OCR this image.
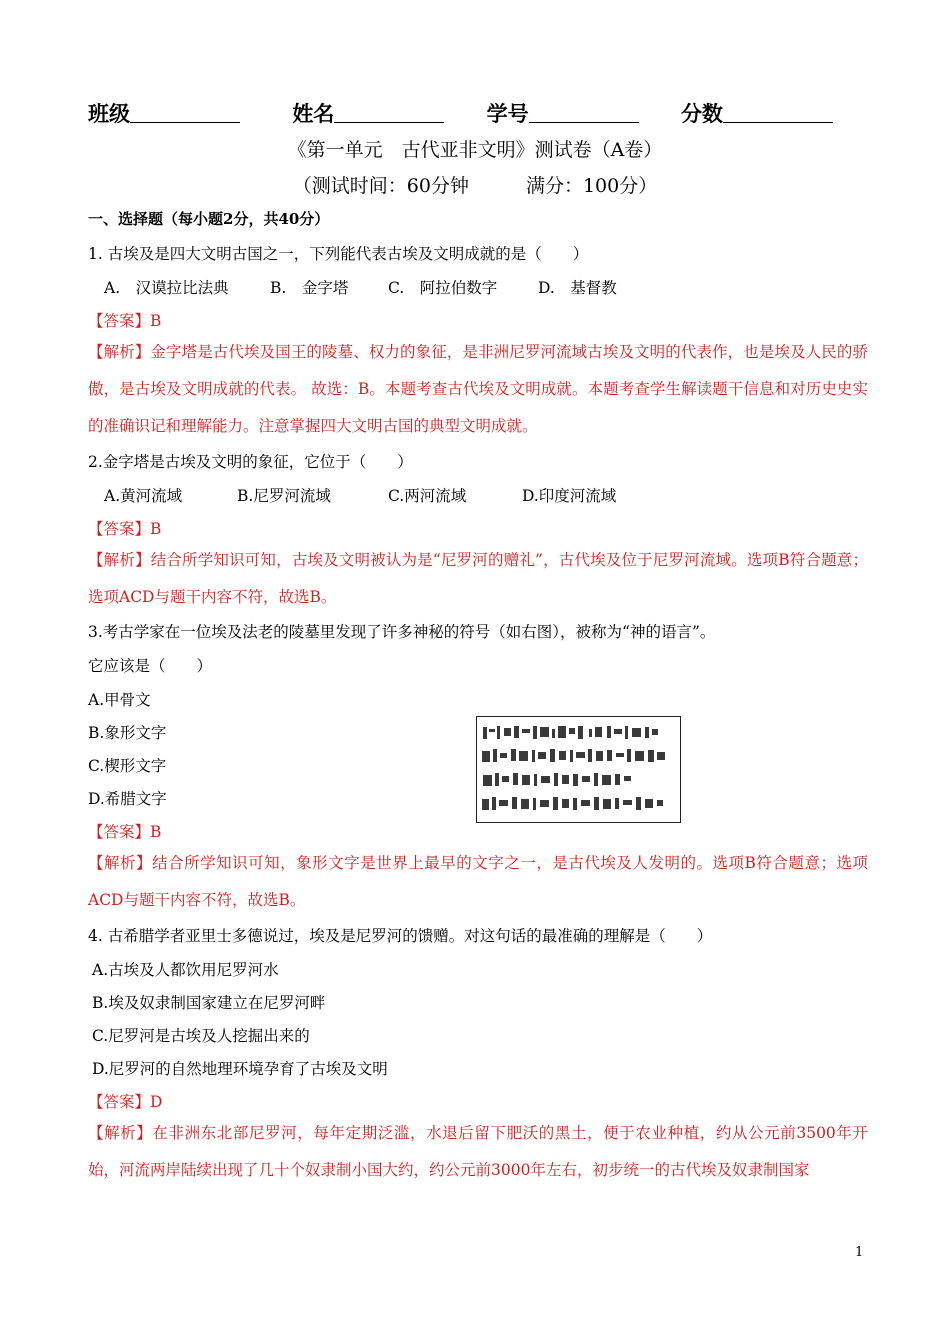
班级	姓名	学号	分数
《第一单元　古代亚非文明》测试卷（A卷）
（测试时间：60分钟　　　满分：100分）
一、选择题（每小题2分，共40分）
1. 古埃及是四大文明古国之一，下列能代表古埃及文明成就的是（　　）
A.　汉谟拉比法典	B.　金字塔	C.　阿拉伯数字	D.　基督教
【答案】B
【解析】金字塔是古代埃及国王的陵墓、权力的象征，是非洲尼罗河流域古埃及文明的代表作，也是埃及人民的骄傲，是古埃及文明成就的代表。 故选：B。本题考查古代埃及文明成就。本题考查学生解读题干信息和对历史史实的准确识记和理解能力。注意掌握四大文明古国的典型文明成就。
2.金字塔是古埃及文明的象征，它位于（　　）
A.黄河流域	B.尼罗河流域	C.两河流域	D.印度河流域
【答案】B
【解析】结合所学知识可知，古埃及文明被认为是“尼罗河的赠礼”，古代埃及位于尼罗河流域。选项B符合题意；选项ACD与题干内容不符，故选B。
3.考古学家在一位埃及法老的陵墓里发现了许多神秘的符号（如右图），被称为“神的语言”。
它应该是（　　）
A.甲骨文
B.象形文字
C.楔形文字
D.希腊文字
【答案】B
【解析】结合所学知识可知，象形文字是世界上最早的文字之一，是古代埃及人发明的。选项B符合题意；选项ACD与题干内容不符，故选B。
4. 古希腊学者亚里士多德说过，埃及是尼罗河的馈赠。对这句话的最准确的理解是（　　）
A.古埃及人都饮用尼罗河水
B.埃及奴隶制国家建立在尼罗河畔
C.尼罗河是古埃及人挖掘出来的
D.尼罗河的自然地理环境孕育了古埃及文明
【答案】D
【解析】在非洲东北部尼罗河，每年定期泛滥，水退后留下肥沃的黑土，便于农业种植，约从公元前3500年开始，河流两岸陆续出现了几十个奴隶制小国大约，约公元前3000年左右，初步统一的古代埃及奴隶制国家
1
